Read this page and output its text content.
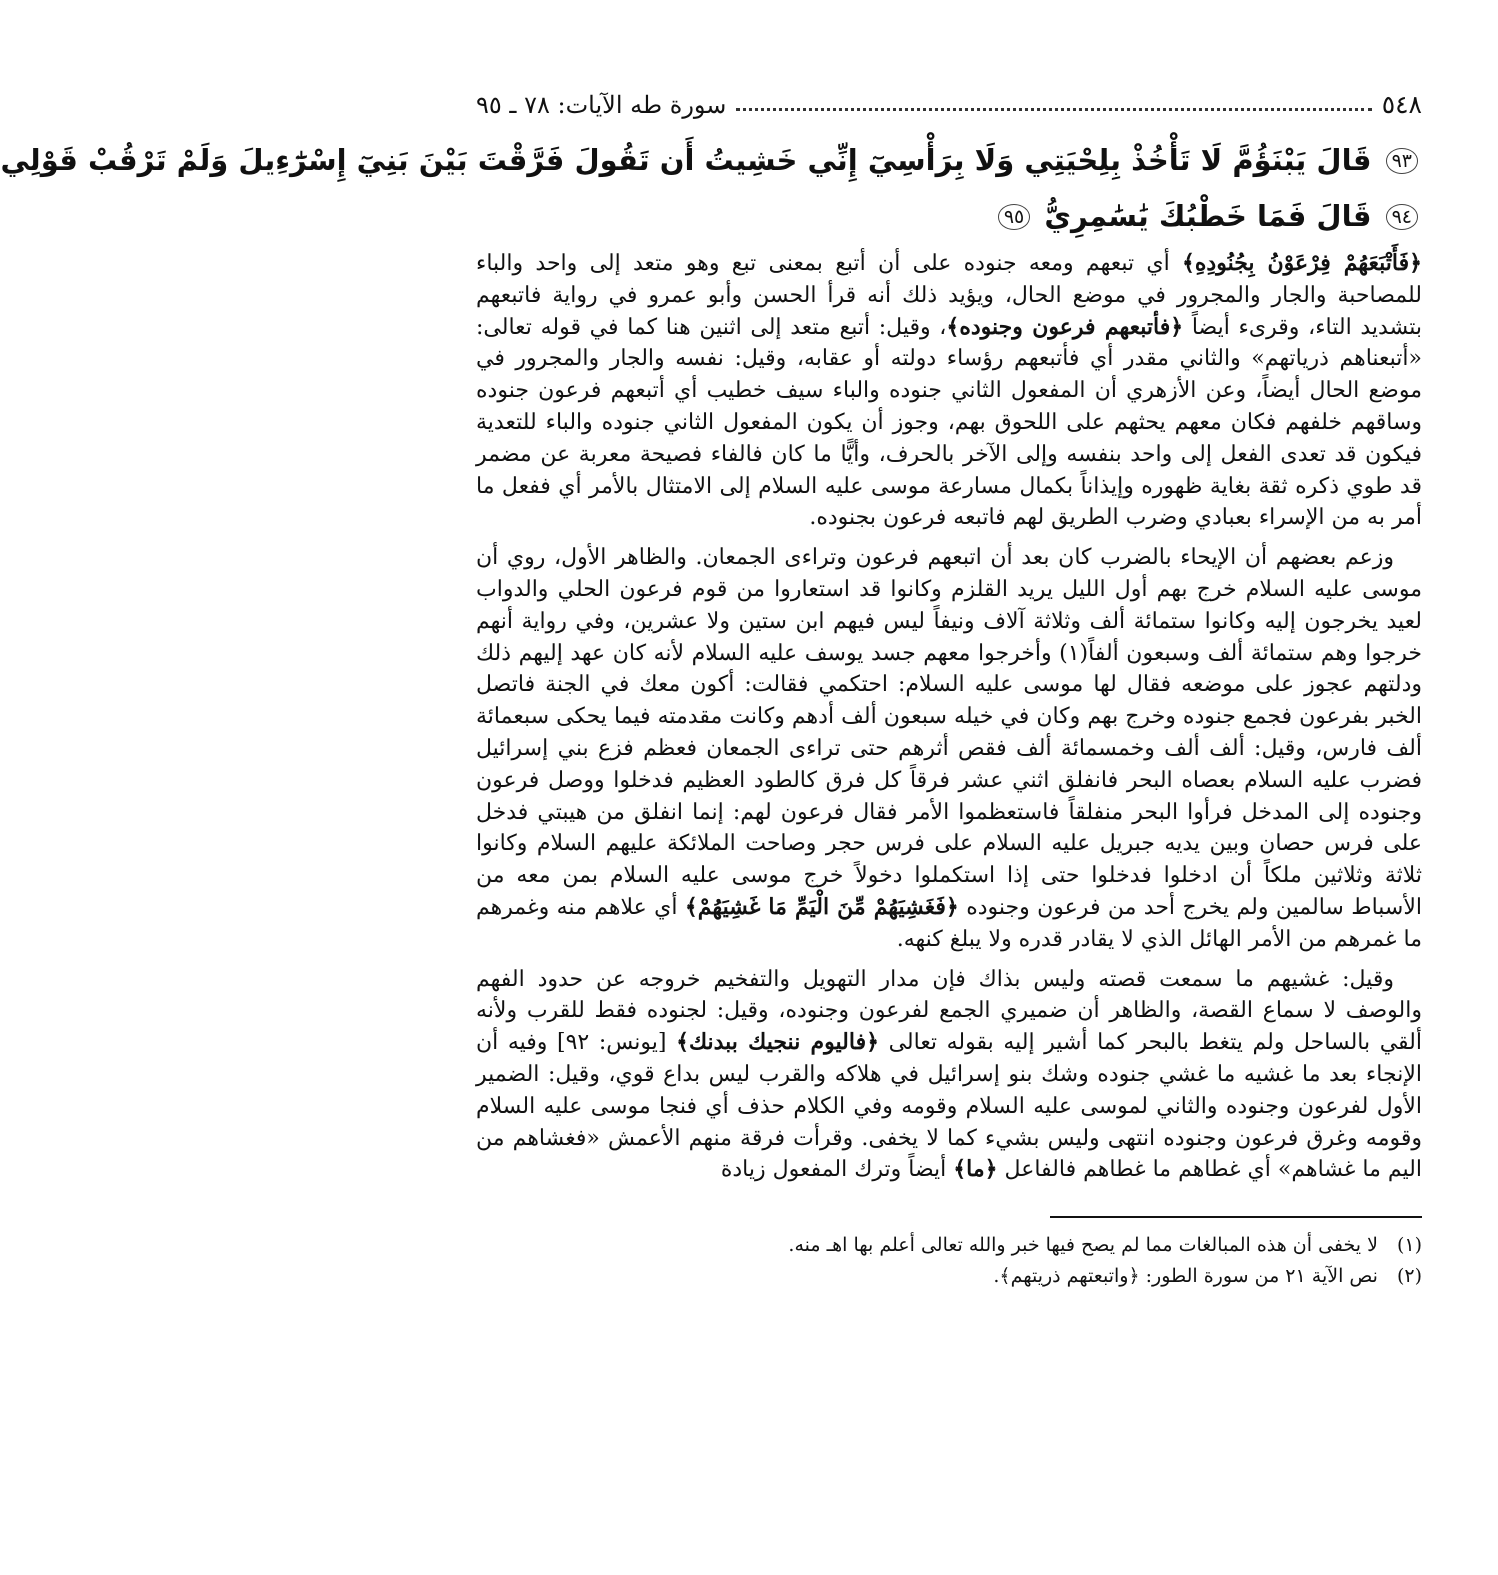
٥٤٨
سورة طه الآيات: ٧٨ ـ ٩٥
٩٣ قَالَ يَبْنَؤُمَّ لَا تَأْخُذْ بِلِحْيَتِي وَلَا بِرَأْسِيٓ إِنِّي خَشِيتُ أَن تَقُولَ فَرَّقْتَ بَيْنَ بَنِيٓ إِسْرَٰٓءِيلَ وَلَمْ تَرْقُبْ قَوْلِي
٩٤ قَالَ فَمَا خَطْبُكَ يَٰسَٰمِرِيُّ ٩٥

﴿فَأَتْبَعَهُمْ فِرْعَوْنُ بِجُنُودِهِ﴾ أي تبعهم ومعه جنوده على أن أتبع بمعنى تبع وهو متعد إلى واحد والباء للمصاحبة والجار والمجرور في موضع الحال، ويؤيد ذلك أنه قرأ الحسن وأبو عمرو في رواية فاتبعهم بتشديد التاء، وقرىء أيضاً ﴿فأتبعهم فرعون وجنوده﴾، وقيل: أتبع متعد إلى اثنين هنا كما في قوله تعالى: «أتبعناهم ذرياتهم» والثاني مقدر أي فأتبعهم رؤساء دولته أو عقابه، وقيل: نفسه والجار والمجرور في موضع الحال أيضاً، وعن الأزهري أن المفعول الثاني جنوده والباء سيف خطيب أي أتبعهم فرعون جنوده وساقهم خلفهم فكان معهم يحثهم على اللحوق بهم، وجوز أن يكون المفعول الثاني جنوده والباء للتعدية فيكون قد تعدى الفعل إلى واحد بنفسه وإلى الآخر بالحرف، وأيًّا ما كان فالفاء فصيحة معربة عن مضمر قد طوي ذكره ثقة بغاية ظهوره وإيذاناً بكمال مسارعة موسى عليه السلام إلى الامتثال بالأمر أي ففعل ما أمر به من الإسراء بعبادي وضرب الطريق لهم فاتبعه فرعون بجنوده.

وزعم بعضهم أن الإيحاء بالضرب كان بعد أن اتبعهم فرعون وتراءى الجمعان. والظاهر الأول، روي أن موسى عليه السلام خرج بهم أول الليل يريد القلزم وكانوا قد استعاروا من قوم فرعون الحلي والدواب لعيد يخرجون إليه وكانوا ستمائة ألف وثلاثة آلاف ونيفاً ليس فيهم ابن ستين ولا عشرين، وفي رواية أنهم خرجوا وهم ستمائة ألف وسبعون ألفاً(١) وأخرجوا معهم جسد يوسف عليه السلام لأنه كان عهد إليهم ذلك ودلتهم عجوز على موضعه فقال لها موسى عليه السلام: احتكمي فقالت: أكون معك في الجنة فاتصل الخبر بفرعون فجمع جنوده وخرج بهم وكان في خيله سبعون ألف أدهم وكانت مقدمته فيما يحكى سبعمائة ألف فارس، وقيل: ألف ألف وخمسمائة ألف فقص أثرهم حتى تراءى الجمعان فعظم فزع بني إسرائيل فضرب عليه السلام بعصاه البحر فانفلق اثني عشر فرقاً كل فرق كالطود العظيم فدخلوا ووصل فرعون وجنوده إلى المدخل فرأوا البحر منفلقاً فاستعظموا الأمر فقال فرعون لهم: إنما انفلق من هيبتي فدخل على فرس حصان وبين يديه جبريل عليه السلام على فرس حجر وصاحت الملائكة عليهم السلام وكانوا ثلاثة وثلاثين ملكاً أن ادخلوا فدخلوا حتى إذا استكملوا دخولاً خرج موسى عليه السلام بمن معه من الأسباط سالمين ولم يخرج أحد من فرعون وجنوده ﴿فَغَشِيَهُمْ مِّنَ الْيَمِّ مَا غَشِيَهُمْ﴾ أي علاهم منه وغمرهم ما غمرهم من الأمر الهائل الذي لا يقادر قدره ولا يبلغ كنهه.

وقيل: غشيهم ما سمعت قصته وليس بذاك فإن مدار التهويل والتفخيم خروجه عن حدود الفهم والوصف لا سماع القصة، والظاهر أن ضميري الجمع لفرعون وجنوده، وقيل: لجنوده فقط للقرب ولأنه ألقي بالساحل ولم يتغط بالبحر كما أشير إليه بقوله تعالى ﴿فاليوم ننجيك ببدنك﴾ [يونس: ٩٢] وفيه أن الإنجاء بعد ما غشيه ما غشي جنوده وشك بنو إسرائيل في هلاكه والقرب ليس بداع قوي، وقيل: الضمير الأول لفرعون وجنوده والثاني لموسى عليه السلام وقومه وفي الكلام حذف أي فنجا موسى عليه السلام وقومه وغرق فرعون وجنوده انتهى وليس بشيء كما لا يخفى. وقرأت فرقة منهم الأعمش «فغشاهم من اليم ما غشاهم» أي غطاهم ما غطاهم فالفاعل ﴿ما﴾ أيضاً وترك المفعول زيادة

(١) لا يخفى أن هذه المبالغات مما لم يصح فيها خبر والله تعالى أعلم بها اهـ منه.
(٢) نص الآية ٢١ من سورة الطور: ﴿واتبعتهم ذريتهم﴾.
